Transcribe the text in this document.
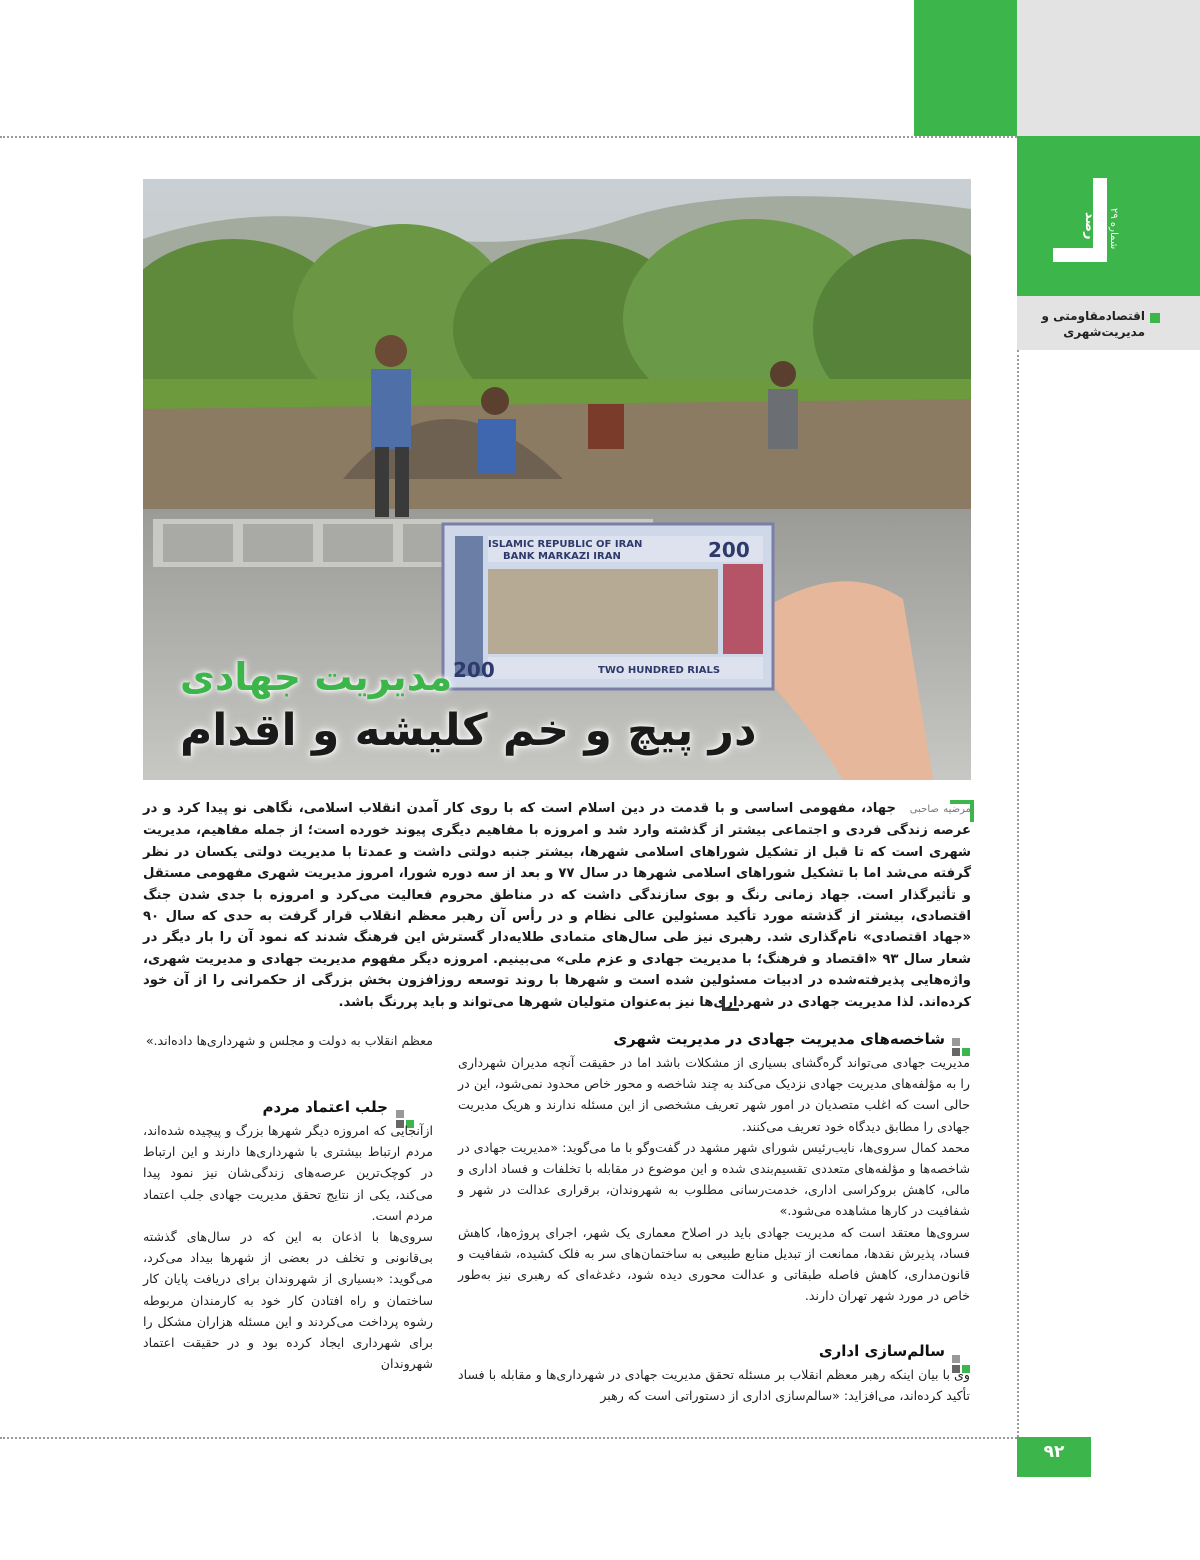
رصد	شماره ۲۹
اقتصادمقاومتی و مدیریت‌شهری
ISLAMIC REPUBLIC OF IRAN
BANK MARKAZI IRAN	200
200	TWO HUNDRED RIALS
مدیریت جهادی
در پیچ و خم کلیشه و اقدام
مرضیه صاحبی جهاد، مفهومی اساسی و با قدمت در دین اسلام است که با روی کار آمدن انقلاب اسلامی، نگاهی نو پیدا کرد و در عرصه زندگی فردی و اجتماعی بیشتر از گذشته وارد شد و امروزه با مفاهیم دیگری پیوند خورده است؛ از جمله مفاهیم، مدیریت شهری است که تا قبل از تشکیل شوراهای اسلامی شهرها، بیشتر جنبه دولتی داشت و عمدتا با مدیریت دولتی یکسان در نظر گرفته می‌شد اما با تشکیل شوراهای اسلامی شهرها در سال ۷۷ و بعد از سه دوره شورا، امروز مدیریت شهری مفهومی مستقل و تأثیرگذار است. جهاد زمانی رنگ و بوی سازندگی داشت که در مناطق محروم فعالیت می‌کرد و امروزه با جدی شدن جنگ اقتصادی، بیشتر از گذشته مورد تأکید مسئولین عالی نظام و در رأس آن رهبر معظم انقلاب قرار گرفت به حدی که سال ۹۰ «جهاد اقتصادی» نام‌گذاری شد. رهبری نیز طی سال‌های متمادی طلایه‌دار گسترش این فرهنگ شدند که نمود آن را بار دیگر در شعار سال ۹۳ «اقتصاد و فرهنگ؛ با مدیریت جهادی و عزم ملی» می‌بینیم. امروزه دیگر مفهوم مدیریت جهادی و مدیریت شهری، واژه‌هایی پذیرفته‌شده در ادبیات مسئولین شده است و شهرها با روند توسعه روزافزون بخش بزرگی از حکمرانی را از آن خود کرده‌اند. لذا مدیریت جهادی در شهرداری‌ها نیز به‌عنوان متولیان شهرها می‌تواند و باید پررنگ باشد.
شاخصه‌های مدیریت جهادی در مدیریت شهری
مدیریت جهادی می‌تواند گره‌گشای بسیاری از مشکلات باشد اما در حقیقت آنچه مدیران شهرداری را به مؤلفه‌های مدیریت جهادی نزدیک می‌کند به چند شاخصه و محور خاص محدود نمی‌شود، این در حالی است که اغلب متصدیان در امور شهر تعریف مشخصی از این مسئله ندارند و هریک مدیریت جهادی را مطابق دیدگاه خود تعریف می‌کنند.
محمد کمال سروی‌ها، نایب‌رئیس شورای شهر مشهد در گفت‌وگو با ما می‌گوید: «مدیریت جهادی در شاخصه‌ها و مؤلفه‌های متعددی تقسیم‌بندی شده و این موضوع در مقابله با تخلفات و فساد اداری و مالی، کاهش بروکراسی اداری، خدمت‌رسانی مطلوب به شهروندان، برقراری عدالت در شهر و شفافیت در کارها مشاهده می‌شود.»
سروی‌ها معتقد است که مدیریت جهادی باید در اصلاح معماری یک شهر، اجرای پروژه‌ها، کاهش فساد، پذیرش نقدها، ممانعت از تبدیل منابع طبیعی به ساختمان‌های سر به فلک کشیده، شفافیت و قانون‌مداری، کاهش فاصله طبقاتی و عدالت محوری دیده شود، دغدغه‌ای که رهبری نیز به‌طور خاص در مورد شهر تهران دارند.
سالم‌سازی اداری
وی با بیان اینکه رهبر معظم انقلاب بر مسئله تحقق مدیریت جهادی در شهرداری‌ها و مقابله با فساد تأکید کرده‌اند، می‌افزاید: «سالم‌سازی اداری از دستوراتی است که رهبر
معظم انقلاب به دولت و مجلس و شهرداری‌ها داده‌اند.»
جلب اعتماد مردم
ازآنجایی که امروزه دیگر شهرها بزرگ و پیچیده شده‌اند، مردم ارتباط بیشتری با شهرداری‌ها دارند و این ارتباط در کوچک‌ترین عرصه‌های زندگی‌شان نیز نمود پیدا می‌کند، یکی از نتایج تحقق مدیریت جهادی جلب اعتماد مردم است.
سروی‌ها با اذعان به این که در سال‌های گذشته بی‌قانونی و تخلف در بعضی از شهرها بیداد می‌کرد، می‌گوید: «بسیاری از شهروندان برای دریافت پایان کار ساختمان و راه افتادن کار خود به کارمندان مربوطه رشوه پرداخت می‌کردند و این مسئله هزاران مشکل را برای شهرداری ایجاد کرده بود و در حقیقت اعتماد شهروندان
۹۲
